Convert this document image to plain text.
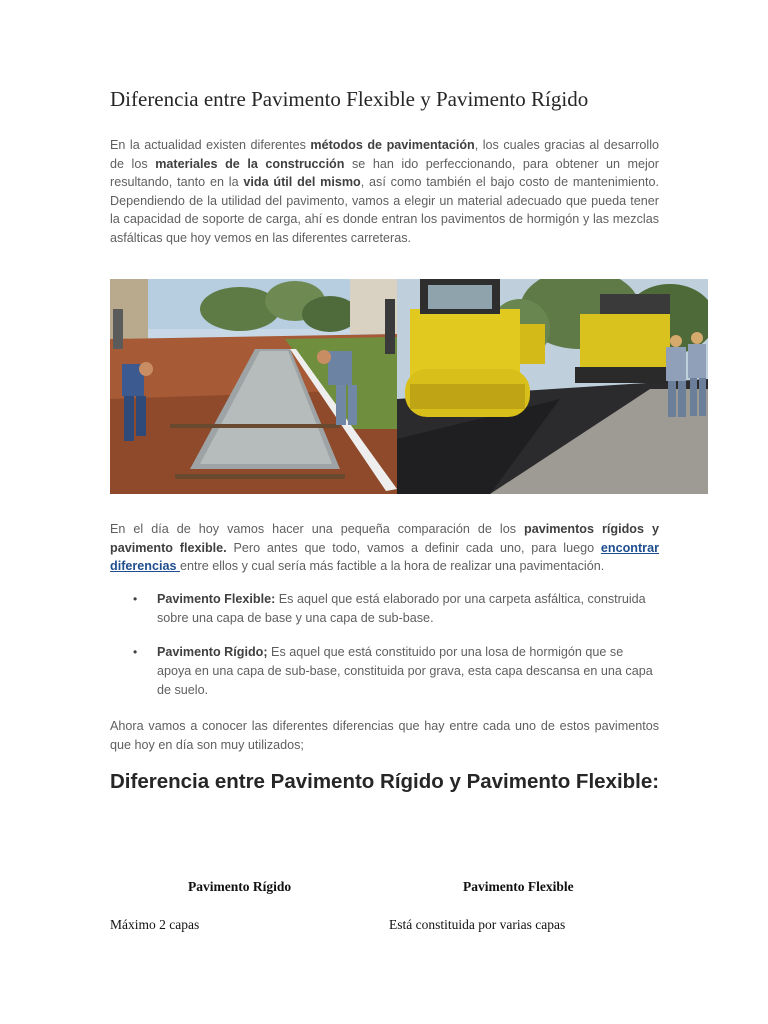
Diferencia entre Pavimento Flexible y Pavimento Rígido
En la actualidad existen diferentes métodos de pavimentación, los cuales gracias al desarrollo de los materiales de la construcción se han ido perfeccionando, para obtener un mejor resultando, tanto en la vida útil del mismo, así como también el bajo costo de mantenimiento. Dependiendo de la utilidad del pavimento, vamos a elegir un material adecuado que pueda tener la capacidad de soporte de carga, ahí es donde entran los pavimentos de hormigón y las mezclas asfálticas que hoy vemos en las diferentes carreteras.
En el día de hoy vamos hacer una pequeña comparación de los pavimentos rígidos y pavimento flexible. Pero antes que todo, vamos a definir cada uno, para luego encontrar diferencias entre ellos y cual sería más factible a la hora de realizar una pavimentación.
• Pavimento Flexible: Es aquel que está elaborado por una carpeta asfáltica, construida sobre una capa de base y una capa de sub-base.
• Pavimento Rígido; Es aquel que está constituido por una losa de hormigón que se apoya en una capa de sub-base, constituida por grava, esta capa descansa en una capa de suelo.
Ahora vamos a conocer las diferentes diferencias que hay entre cada uno de estos pavimentos que hoy en día son muy utilizados;
Diferencia entre Pavimento Rígido y Pavimento Flexible:
Pavimento Rígido	Pavimento Flexible
Máximo 2 capas	Está constituida por varias capas
